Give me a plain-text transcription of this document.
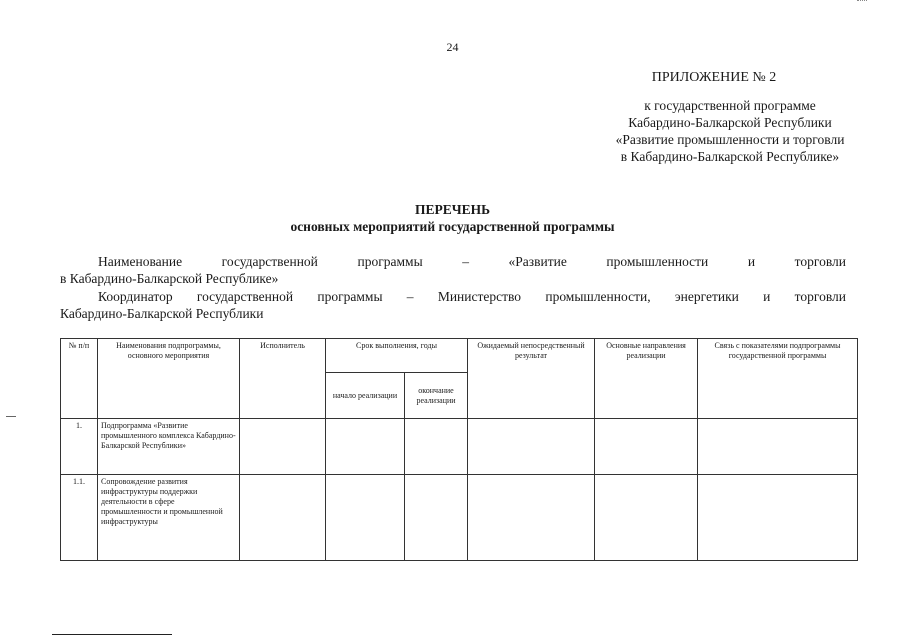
24
ПРИЛОЖЕНИЕ № 2
к государственной программе
Кабардино-Балкарской Республики
«Развитие промышленности и торговли
в Кабардино-Балкарской Республике»
ПЕРЕЧЕНЬ
основных мероприятий государственной программы
Наименование государственной программы – «Развитие промышленности и торговли
в Кабардино-Балкарской Республике»
Координатор государственной программы – Министерство промышленности, энергетики и торговли
Кабардино-Балкарской Республики
№ п/п	Наименования подпрограммы, основного мероприятия	Исполнитель	Срок выполнения, годы		Ожидаемый непосредственный результат	Основные направления реализации	Связь с показателями подпрограммы государственной программы
			начало реализации	окончание реализации			
1.	Подпрограмма «Развитие промышленного комплекса Кабардино-Балкарской Республики»						
1.1.	Сопровождение развития инфраструктуры поддержки деятельности в сфере промышленности и промышленной инфраструктуры						
